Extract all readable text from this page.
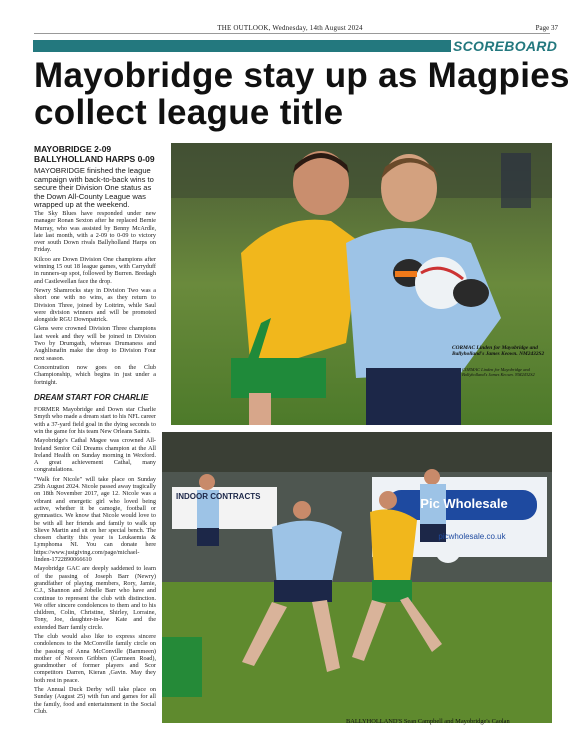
THE OUTLOOK, Wednesday, 14th August 2024	Page 37
SCOREBOARD
Mayobridge stay up as Magpies collect league title
MAYOBRIDGE 2-09
BALLYHOLLAND HARPS 0-09
MAYOBRIDGE finished the league campaign with back-to-back wins to secure their Division One status as the Down All-County League was wrapped up at the weekend.

The Sky Blues have responded under new manager Ronan Sexton after he replaced Bernie Murray, who was assisted by Benny McArdle, late last month, with a 2-09 to 0-09 to victory over south Down rivals Ballyholland Harps on Friday.

Kilcoo are Down Division One champions after winning 15 out 18 league games, with Carryduff in runners-up spot, followed by Burren. Bredagh and Castlewellan face the drop.

Newry Shamrocks stay in Division Two was a short one with no wins, as they return to Division Three, joined by Loitrim, while Saul were division winners and will be promoted alongside RGU Downpatrick.

Glens were crowned Division Three champions last week and they will be joined in Division Two by Drumgath, whereas Drumaness and Aughlisnafin make the drop to Division Four next season.

Concentration now goes on the Club Championship, which begins in just under a fortnight.

DREAM START FOR CHARLIE

FORMER Mayobridge and Down star Charlie Smyth who made a dream start to his NFL career with a 37-yard field goal in the dying seconds to win the game for his team New Orleans Saints.

Mayobridge's Cathal Magee was crowned All-Ireland Senior Cúl Dreams champion at the All Ireland Health on Sunday morning in Wexford. A great achievement Cathal, many congratulations.

"Walk for Nicole" will take place on Sunday 25th August 2024. Nicole passed away tragically on 18th November 2017, age 12. Nicole was a vibrant and energetic girl who loved being active, whether it be camogie, football or gymnastics. We know that Nicole would love to be with all her friends and family to walk up Slieve Martin and sit on her special bench. The chosen charity this year is Leukaemia & Lymphoma NI. You can donate here https://www.justgiving.com/page/michael-linden-1722890066610

Mayobridge GAC are deeply saddened to learn of the passing of Joseph Barr (Newry) grandfather of playing members, Rory, Jamie, C.J., Shannon and Jobelle Barr who have and continue to represent the club with distinction. We offer sincere condolences to them and to his children, Colin, Christine, Shirley, Lorraine, Tony, Joe, daughter-in-law Kate and the extended Barr family circle.

The club would also like to express sincere condolences to the McConville family circle on the passing of Anna McConville (Barnmeen) mother of Noreen Gribben (Carmeen Road), grandmother of former players and Scor competitors Darren, Kieran ,Gavin. May they both rest in peace.

The Annual Duck Derby will take place on Sunday (August 25) with fun and games for all the family, food and entertainment in the Social Club.

CORMAC Linden for Mayobridge and Ballyholland's James Keown. NM2432S2
CORMAC Linden for Mayobridge and Ballyholland's James Keown. NM2432S2
INDOOR CONTRACTS	Pic Wholesale
picwholesale.co.uk
BALLYHOLLAND'S Sean Campbell and Mayobridge's Caolan
